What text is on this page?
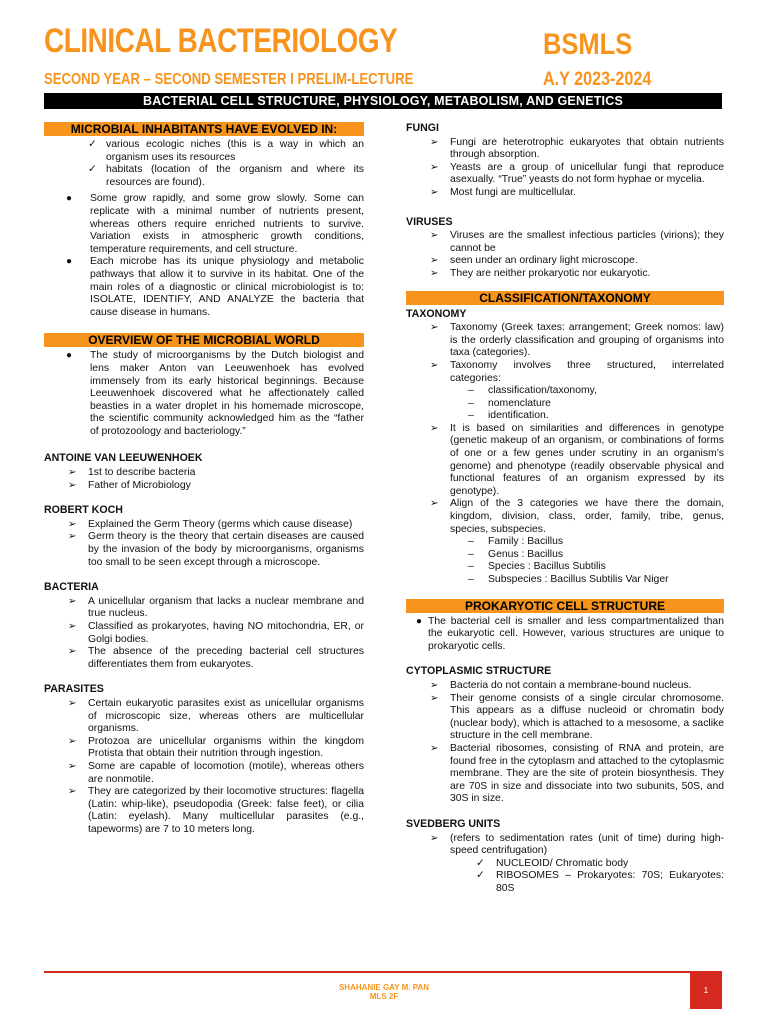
CLINICAL BACTERIOLOGY	BSMLS
SECOND YEAR – SECOND SEMESTER I PRELIM-LECTURE	A.Y 2023-2024
BACTERIAL CELL STRUCTURE, PHYSIOLOGY, METABOLISM, AND GENETICS
MICROBIAL INHABITANTS HAVE EVOLVED IN:
✓ various ecologic niches (this is a way in which an organism uses its resources
✓ habitats (location of the organism and where its resources are found).
● Some grow rapidly, and some grow slowly. Some can replicate with a minimal number of nutrients present, whereas others require enriched nutrients to survive. Variation exists in atmospheric growth conditions, temperature requirements, and cell structure.
● Each microbe has its unique physiology and metabolic pathways that allow it to survive in its habitat. One of the main roles of a diagnostic or clinical microbiologist is to: ISOLATE, IDENTIFY, AND ANALYZE the bacteria that cause disease in humans.
OVERVIEW OF THE MICROBIAL WORLD
● The study of microorganisms by the Dutch biologist and lens maker Anton van Leeuwenhoek has evolved immensely from its early historical beginnings. Because Leeuwenhoek discovered what he affectionately called beasties in a water droplet in his homemade microscope, the scientific community acknowledged him as the “father of protozoology and bacteriology.”
ANTOINE VAN LEEUWENHOEK
➢ 1st to describe bacteria
➢ Father of Microbiology
ROBERT KOCH
➢ Explained the Germ Theory (germs which cause disease)
➢ Germ theory is the theory that certain diseases are caused by the invasion of the body by microorganisms, organisms too small to be seen except through a microscope.
BACTERIA
➢ A unicellular organism that lacks a nuclear membrane and true nucleus.
➢ Classified as prokaryotes, having NO mitochondria, ER, or Golgi bodies.
➢ The absence of the preceding bacterial cell structures differentiates them from eukaryotes.
PARASITES
➢ Certain eukaryotic parasites exist as unicellular organisms of microscopic size, whereas others are multicellular organisms.
➢ Protozoa are unicellular organisms within the kingdom Protista that obtain their nutrition through ingestion.
➢ Some are capable of locomotion (motile), whereas others are nonmotile.
➢ They are categorized by their locomotive structures: flagella (Latin: whip-like), pseudopodia (Greek: false feet), or cilia (Latin: eyelash). Many multicellular parasites (e.g., tapeworms) are 7 to 10 meters long.
FUNGI
➢ Fungi are heterotrophic eukaryotes that obtain nutrients through absorption.
➢ Yeasts are a group of unicellular fungi that reproduce asexually. “True” yeasts do not form hyphae or mycelia.
➢ Most fungi are multicellular.
VIRUSES
➢ Viruses are the smallest infectious particles (virions); they cannot be
➢ seen under an ordinary light microscope.
➢ They are neither prokaryotic nor eukaryotic.
CLASSIFICATION/TAXONOMY
TAXONOMY
➢ Taxonomy (Greek taxes: arrangement; Greek nomos: law) is the orderly classification and grouping of organisms into taxa (categories).
➢ Taxonomy involves three structured, interrelated categories:
– classification/taxonomy,
– nomenclature
– identification.
➢ It is based on similarities and differences in genotype (genetic makeup of an organism, or combinations of forms of one or a few genes under scrutiny in an organism’s genome) and phenotype (readily observable physical and functional features of an organism expressed by its genotype).
➢ Align of the 3 categories we have there the domain, kingdom, division, class, order, family, tribe, genus, species, subspecies.
– Family : Bacillus
– Genus : Bacillus
– Species : Bacillus Subtilis
– Subspecies : Bacillus Subtilis Var Niger
PROKARYOTIC CELL STRUCTURE
● The bacterial cell is smaller and less compartmentalized than the eukaryotic cell. However, various structures are unique to prokaryotic cells.
CYTOPLASMIC STRUCTURE
➢ Bacteria do not contain a membrane-bound nucleus.
➢ Their genome consists of a single circular chromosome. This appears as a diffuse nucleoid or chromatin body (nuclear body), which is attached to a mesosome, a saclike structure in the cell membrane.
➢ Bacterial ribosomes, consisting of RNA and protein, are found free in the cytoplasm and attached to the cytoplasmic membrane. They are the site of protein biosynthesis. They are 70S in size and dissociate into two subunits, 50S, and 30S in size.
SVEDBERG UNITS
➢ (refers to sedimentation rates (unit of time) during high-speed centrifugation)
✓ NUCLEOID/ Chromatic body
✓ RIBOSOMES – Prokaryotes: 70S; Eukaryotes: 80S
SHAHANIE GAY M. PAN
MLS 2F
1
